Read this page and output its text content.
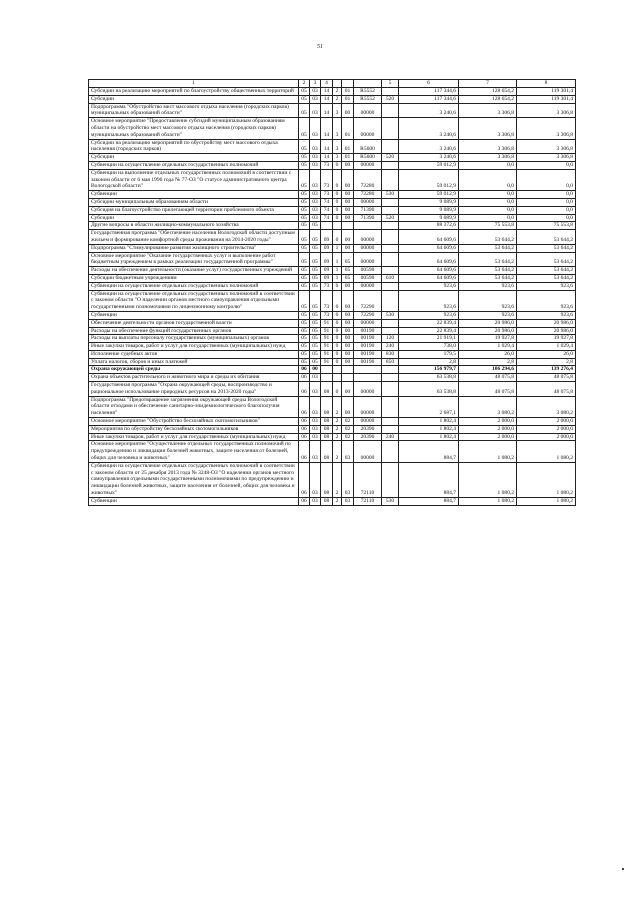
51
1	2	3	4				5	6	7	8
Субсидии на реализацию мероприятий по благоустройству общественных территорий	05	03	14	2	01	R5552		117 344,6	128 654,2	119 301,4
Субсидии	05	03	14	2	01	R5552	520	117 344,6	128 654,2	119 301,4
Подпрограмма "Обустройство мест массового отдыха населения (городских парков) муниципальных образований области"	05	03	14	3	00	00000		3 240,6	3 306,8	3 306,8
Основное мероприятие "Предоставление субсидий муниципальным образованиям области на обустройство мест массового отдыха населения (городских парков) муниципальных образований области"	05	03	14	3	01	00000		3 240,6	3 306,8	3 306,8
Субсидии на реализацию мероприятий по обустройству мест массового отдыха населения (городских парков)	05	03	14	3	01	R5600		3 240,6	3 306,8	3 306,8
Субсидии	05	03	14	3	01	R5600	520	3 240,6	3 306,8	3 306,8
Субвенции на осуществление отдельных государственных полномочий	05	03	73	0	00	00000		59 012,9	0,0	0,0
Субвенции на выполнение отдельных государственных полномочий в соответствии с законом области от 6 мая 1996 года № 77-ОЗ "О статусе административного центра Вологодской области"	05	03	73	0	00	72280		59 012,9	0,0	0,0
Субвенции	05	03	73	0	00	72280	530	59 012,9	0,0	0,0
Субсидии муниципальным образованиям области	05	03	74	0	00	00000		9 089,9	0,0	0,0
Субсидия на благоустройство прилегающей территории проблемного объекта	05	03	74	0	00	71390		9 089,9	0,0	0,0
Субсидии	05	03	74	0	00	71390	520	9 089,9	0,0	0,0
Другие вопросы в области жилищно-коммунального хозяйства	05	05						88 372,6	75 553,8	75 553,8
Государственная программа "Обеспечение населения Вологодской области доступным жильем и формирование комфортной среды проживания на 2014-2020 годы"	05	05	09	0	00	00000		64 609,6	53 644,2	53 644,2
Подпрограмма "Стимулирование развития жилищного строительства"	05	05	09	1	00	00000		64 609,6	53 644,2	53 644,2
Основное мероприятие "Оказание государственных услуг и выполнение работ бюджетным учреждением в рамках реализации государственной программы"	05	05	09	1	05	00000		64 609,6	53 644,2	53 644,2
Расходы на обеспечение деятельности (оказание услуг) государственных учреждений	05	05	09	1	05	00590		64 609,6	53 644,2	53 644,2
Субсидии бюджетным учреждениям	05	05	09	1	05	00590	610	64 609,6	53 644,2	53 644,2
Субвенции на осуществление отдельных государственных полномочий	05	05	73	0	00	00000		923,6	923,6	923,6
Субвенции на осуществление отдельных государственных полномочий в соответствии с законом области "О наделении органов местного самоуправления отдельными государственными полномочиями по лицензионному контролю"	05	05	73	0	00	72290		923,6	923,6	923,6
Субвенции	05	05	73	0	00	72290	530	923,6	923,6	923,6
Обеспечение деятельности органов государственной власти	05	05	91	0	00	00000		22 839,4	20 986,0	20 986,0
Расходы на обеспечение функций государственных органов	05	05	91	0	00	00190		22 839,4	20 986,0	20 986,0
Расходы на выплаты персоналу государственных (муниципальных) органов	05	05	91	0	00	00190	120	21 919,1	19 927,8	19 927,8
Иные закупки товаров, работ и услуг для государственных (муниципальных) нужд	05	05	91	0	00	00190	240	738,0	1 029,4	1 029,4
Исполнение судебных актов	05	05	91	0	00	00190	830	179,5	26,0	26,0
Уплата налогов, сборов и иных платежей	05	05	91	0	00	00190	850	2,8	2,8	2,8
Охрана окружающей среды	06	00						156 979,7	106 294,6	139 276,4
Охрана объектов растительного и животного мира и среды их обитания	06	03						63 538,8	48 075,8	48 075,8
Государственная программа "Охрана окружающей среды, воспроизводство и рациональное использование природных ресурсов на 2013-2020 годы"	06	03	08	0	00	00000		63 538,8	48 075,8	48 075,8
Подпрограмма "Предотвращение загрязнения окружающей среды Вологодской области отходами и обеспечение санитарно-эпидемиологического благополучия населения"	06	03	08	2	00	00000		2 687,1	3 080,2	3 080,2
Основное мероприятие "Обустройство бесхозяйных скотомогильников"	06	03	08	2	02	00000		1 802,4	2 000,0	2 000,0
Мероприятия по обустройству бесхозяйных скотомогильников	06	03	08	2	02	20390		1 802,4	2 000,0	2 000,0
Иные закупки товаров, работ и услуг для государственных (муниципальных) нужд	06	03	08	2	02	20390	240	1 802,4	2 000,0	2 000,0
Основное мероприятие "Осуществление отдельных государственных полномочий по предупреждению и ликвидации болезней животных, защите населения от болезней, общих для человека и животных"	06	03	08	2	03	00000		884,7	1 080,2	1 080,2
Субвенции на осуществление отдельных государственных полномочий в соответствии с законом области от 25 декабря 2013 года № 3248-ОЗ "О наделении органов местного самоуправления отдельными государственными полномочиями по предупреждению и ликвидации болезней животных, защите населения от болезней, общих для человека и животных"	06	03	08	2	03	72110		884,7	1 080,2	1 080,2
Субвенции	06	03	08	2	03	72110	530	884,7	1 080,2	1 080,2
